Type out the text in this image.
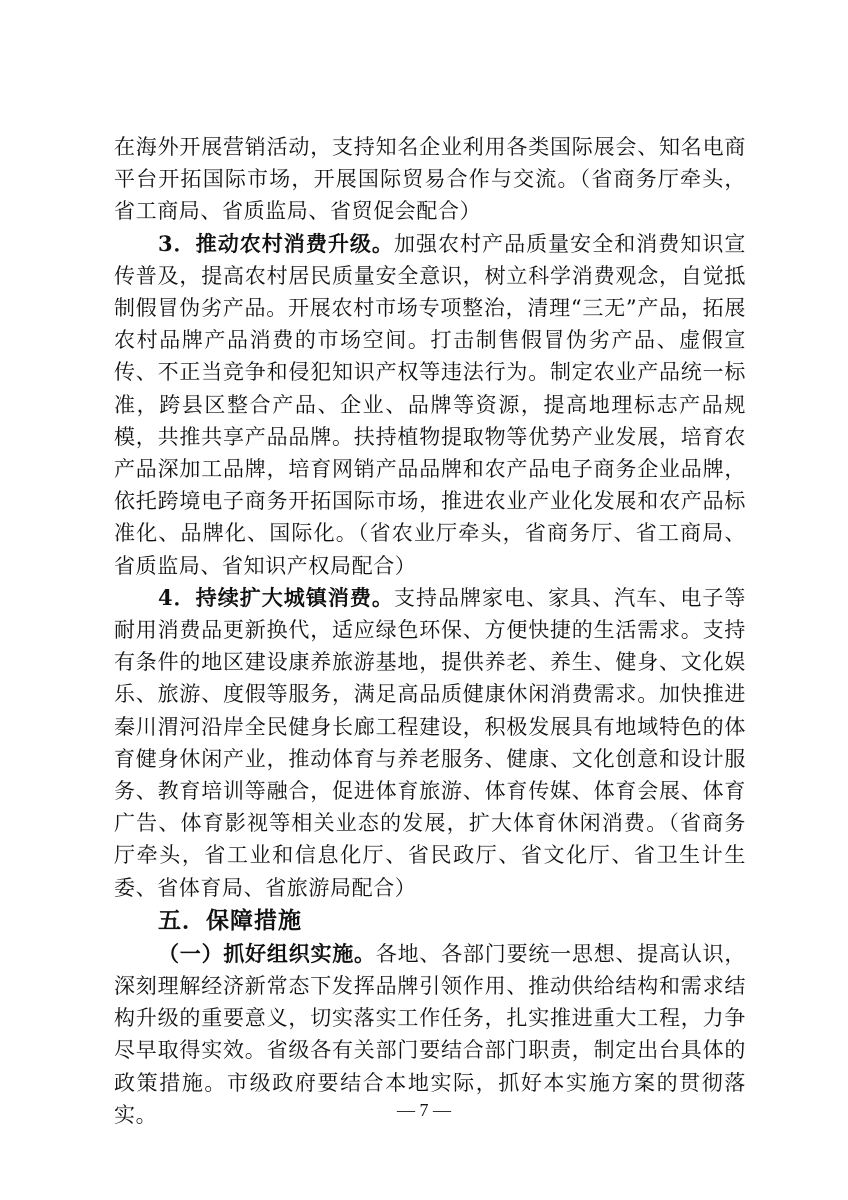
在海外开展营销活动，支持知名企业利用各类国际展会、知名电商平台开拓国际市场，开展国际贸易合作与交流。（省商务厅牵头，省工商局、省质监局、省贸促会配合）

3．推动农村消费升级。加强农村产品质量安全和消费知识宣传普及，提高农村居民质量安全意识，树立科学消费观念，自觉抵制假冒伪劣产品。开展农村市场专项整治，清理“三无”产品，拓展农村品牌产品消费的市场空间。打击制售假冒伪劣产品、虚假宣传、不正当竞争和侵犯知识产权等违法行为。制定农业产品统一标准，跨县区整合产品、企业、品牌等资源，提高地理标志产品规模，共推共享产品品牌。扶持植物提取物等优势产业发展，培育农产品深加工品牌，培育网销产品品牌和农产品电子商务企业品牌，依托跨境电子商务开拓国际市场，推进农业产业化发展和农产品标准化、品牌化、国际化。（省农业厅牵头，省商务厅、省工商局、省质监局、省知识产权局配合）

4．持续扩大城镇消费。支持品牌家电、家具、汽车、电子等耐用消费品更新换代，适应绿色环保、方便快捷的生活需求。支持有条件的地区建设康养旅游基地，提供养老、养生、健身、文化娱乐、旅游、度假等服务，满足高品质健康休闲消费需求。加快推进秦川渭河沿岸全民健身长廊工程建设，积极发展具有地域特色的体育健身休闲产业，推动体育与养老服务、健康、文化创意和设计服务、教育培训等融合，促进体育旅游、体育传媒、体育会展、体育广告、体育影视等相关业态的发展，扩大体育休闲消费。（省商务厅牵头，省工业和信息化厅、省民政厅、省文化厅、省卫生计生委、省体育局、省旅游局配合）

五．保障措施

（一）抓好组织实施。各地、各部门要统一思想、提高认识，深刻理解经济新常态下发挥品牌引领作用、推动供给结构和需求结构升级的重要意义，切实落实工作任务，扎实推进重大工程，力争尽早取得实效。省级各有关部门要结合部门职责，制定出台具体的政策措施。市级政府要结合本地实际，抓好本实施方案的贯彻落实。	— 7 —
